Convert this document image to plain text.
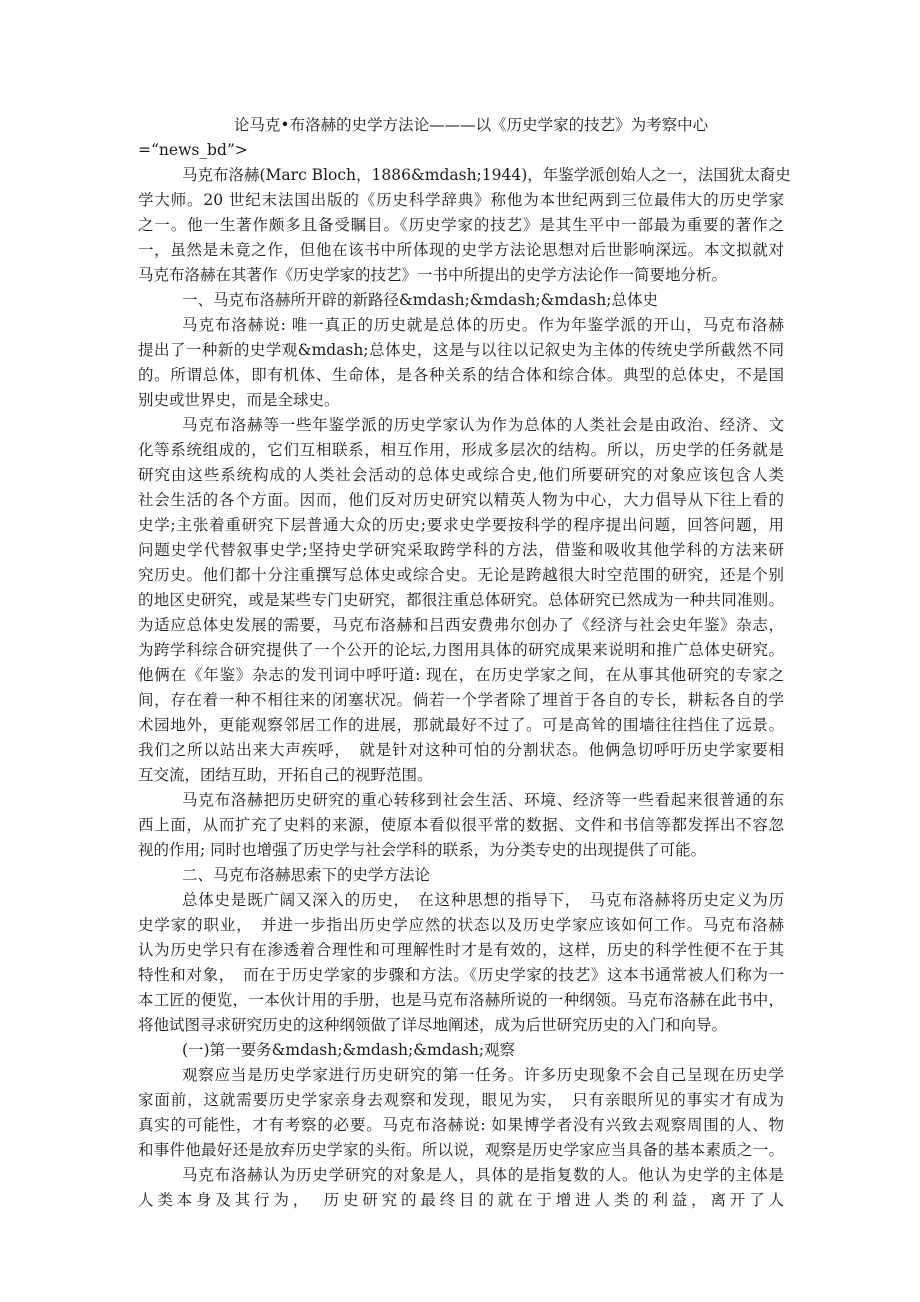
论马克•布洛赫的史学方法论———以《历史学家的技艺》为考察中心
=“news_bd”>
马克布洛赫(Marc Bloch，1886&mdash;1944)，年鉴学派创始人之一，法国犹太裔史
学大师。20 世纪末法国出版的《历史科学辞典》称他为本世纪两到三位最伟大的历史学家
之一。他一生著作颇多且备受瞩目。《历史学家的技艺》是其生平中一部最为重要的著作之
一，虽然是未竟之作，但他在该书中所体现的史学方法论思想对后世影响深远。本文拟就对
马克布洛赫在其著作《历史学家的技艺》一书中所提出的史学方法论作一简要地分析。
一、马克布洛赫所开辟的新路径&mdash;&mdash;&mdash;总体史
马克布洛赫说: 唯一真正的历史就是总体的历史。作为年鉴学派的开山，马克布洛赫
提出了一种新的史学观&mdash;总体史，这是与以往以记叙史为主体的传统史学所截然不同
的。所谓总体，即有机体、生命体，是各种关系的结合体和综合体。典型的总体史，不是国
别史或世界史，而是全球史。
马克布洛赫等一些年鉴学派的历史学家认为作为总体的人类社会是由政治、经济、文
化等系统组成的，它们互相联系，相互作用，形成多层次的结构。所以，历史学的任务就是
研究由这些系统构成的人类社会活动的总体史或综合史,他们所要研究的对象应该包含人类
社会生活的各个方面。因而，他们反对历史研究以精英人物为中心，大力倡导从下往上看的
史学;主张着重研究下层普通大众的历史;要求史学要按科学的程序提出问题，回答问题，用
问题史学代替叙事史学;坚持史学研究采取跨学科的方法，借鉴和吸收其他学科的方法来研
究历史。他们都十分注重撰写总体史或综合史。无论是跨越很大时空范围的研究，还是个别
的地区史研究，或是某些专门史研究，都很注重总体研究。总体研究已然成为一种共同准则。
为适应总体史发展的需要，马克布洛赫和吕西安费弗尔创办了《经济与社会史年鉴》杂志，
为跨学科综合研究提供了一个公开的论坛,力图用具体的研究成果来说明和推广总体史研究。
他俩在《年鉴》杂志的发刊词中呼吁道: 现在，在历史学家之间，在从事其他研究的专家之
间，存在着一种不相往来的闭塞状况。倘若一个学者除了埋首于各自的专长，耕耘各自的学
术园地外，更能观察邻居工作的进展，那就最好不过了。可是高耸的围墙往往挡住了远景。
我们之所以站出来大声疾呼，　就是针对这种可怕的分割状态。他俩急切呼吁历史学家要相
互交流，团结互助，开拓自己的视野范围。
马克布洛赫把历史研究的重心转移到社会生活、环境、经济等一些看起来很普通的东
西上面，从而扩充了史料的来源，使原本看似很平常的数据、文件和书信等都发挥出不容忽
视的作用; 同时也增强了历史学与社会学科的联系，为分类专史的出现提供了可能。
二、马克布洛赫思索下的史学方法论
总体史是既广阔又深入的历史，　在这种思想的指导下，　马克布洛赫将历史定义为历
史学家的职业，　并进一步指出历史学应然的状态以及历史学家应该如何工作。马克布洛赫
认为历史学只有在渗透着合理性和可理解性时才是有效的，这样，历史的科学性便不在于其
特性和对象，　而在于历史学家的步骤和方法。《历史学家的技艺》这本书通常被人们称为一
本工匠的便览，一本伙计用的手册，也是马克布洛赫所说的一种纲领。马克布洛赫在此书中，
将他试图寻求研究历史的这种纲领做了详尽地阐述，成为后世研究历史的入门和向导。
(一)第一要务&mdash;&mdash;&mdash;观察
观察应当是历史学家进行历史研究的第一任务。许多历史现象不会自己呈现在历史学
家面前，这就需要历史学家亲身去观察和发现，眼见为实，　只有亲眼所见的事实才有成为
真实的可能性，才有考察的必要。马克布洛赫说: 如果博学者没有兴致去观察周围的人、物
和事件他最好还是放弃历史学家的头衔。所以说，观察是历史学家应当具备的基本素质之一。
马克布洛赫认为历史学研究的对象是人，具体的是指复数的人。他认为史学的主体是
人类本身及其行为，　历史研究的最终目的就在于增进人类的利益，离开了人
